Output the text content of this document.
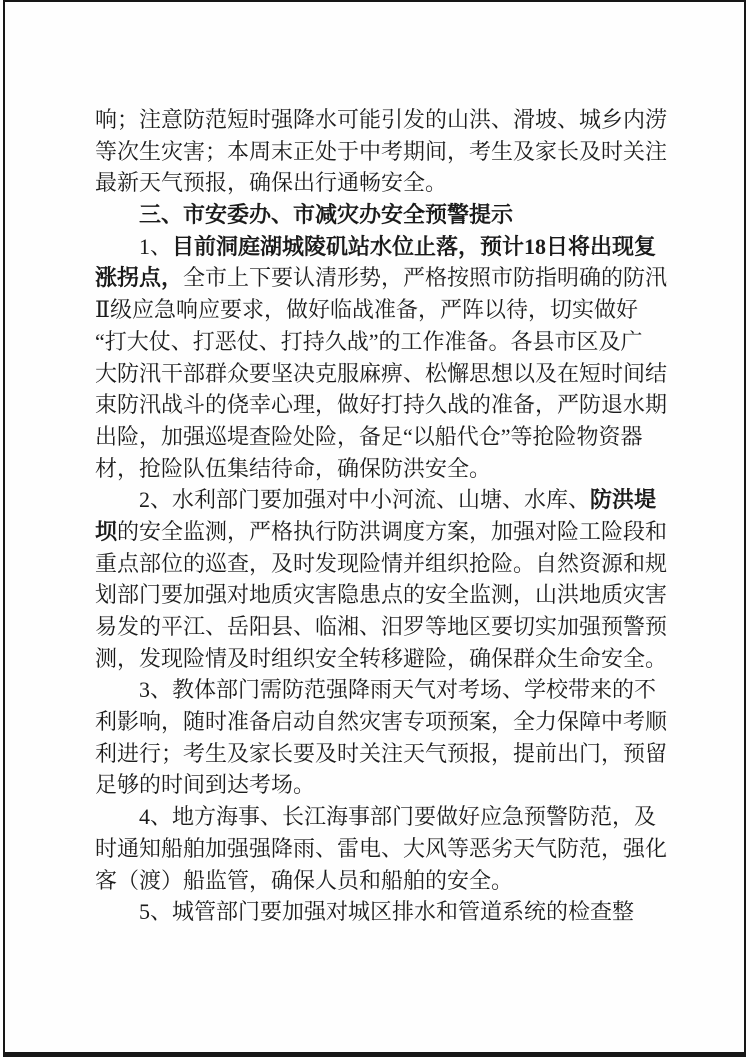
响；注意防范短时强降水可能引发的山洪、滑坡、城乡内涝
等次生灾害；本周末正处于中考期间，考生及家长及时关注
最新天气预报，确保出行通畅安全。
三、市安委办、市减灾办安全预警提示
1、目前洞庭湖城陵矶站水位止落，预计18日将出现复
涨拐点，全市上下要认清形势，严格按照市防指明确的防汛
Ⅱ级应急响应要求，做好临战准备，严阵以待，切实做好
“打大仗、打恶仗、打持久战”的工作准备。各县市区及广
大防汛干部群众要坚决克服麻痹、松懈思想以及在短时间结
束防汛战斗的侥幸心理，做好打持久战的准备，严防退水期
出险，加强巡堤查险处险，备足“以船代仓”等抢险物资器
材，抢险队伍集结待命，确保防洪安全。
2、水利部门要加强对中小河流、山塘、水库、防洪堤
坝的安全监测，严格执行防洪调度方案，加强对险工险段和
重点部位的巡查，及时发现险情并组织抢险。自然资源和规
划部门要加强对地质灾害隐患点的安全监测，山洪地质灾害
易发的平江、岳阳县、临湘、汨罗等地区要切实加强预警预
测，发现险情及时组织安全转移避险，确保群众生命安全。
3、教体部门需防范强降雨天气对考场、学校带来的不
利影响，随时准备启动自然灾害专项预案，全力保障中考顺
利进行；考生及家长要及时关注天气预报，提前出门，预留
足够的时间到达考场。
4、地方海事、长江海事部门要做好应急预警防范，及
时通知船舶加强强降雨、雷电、大风等恶劣天气防范，强化
客（渡）船监管，确保人员和船舶的安全。
5、城管部门要加强对城区排水和管道系统的检查整
